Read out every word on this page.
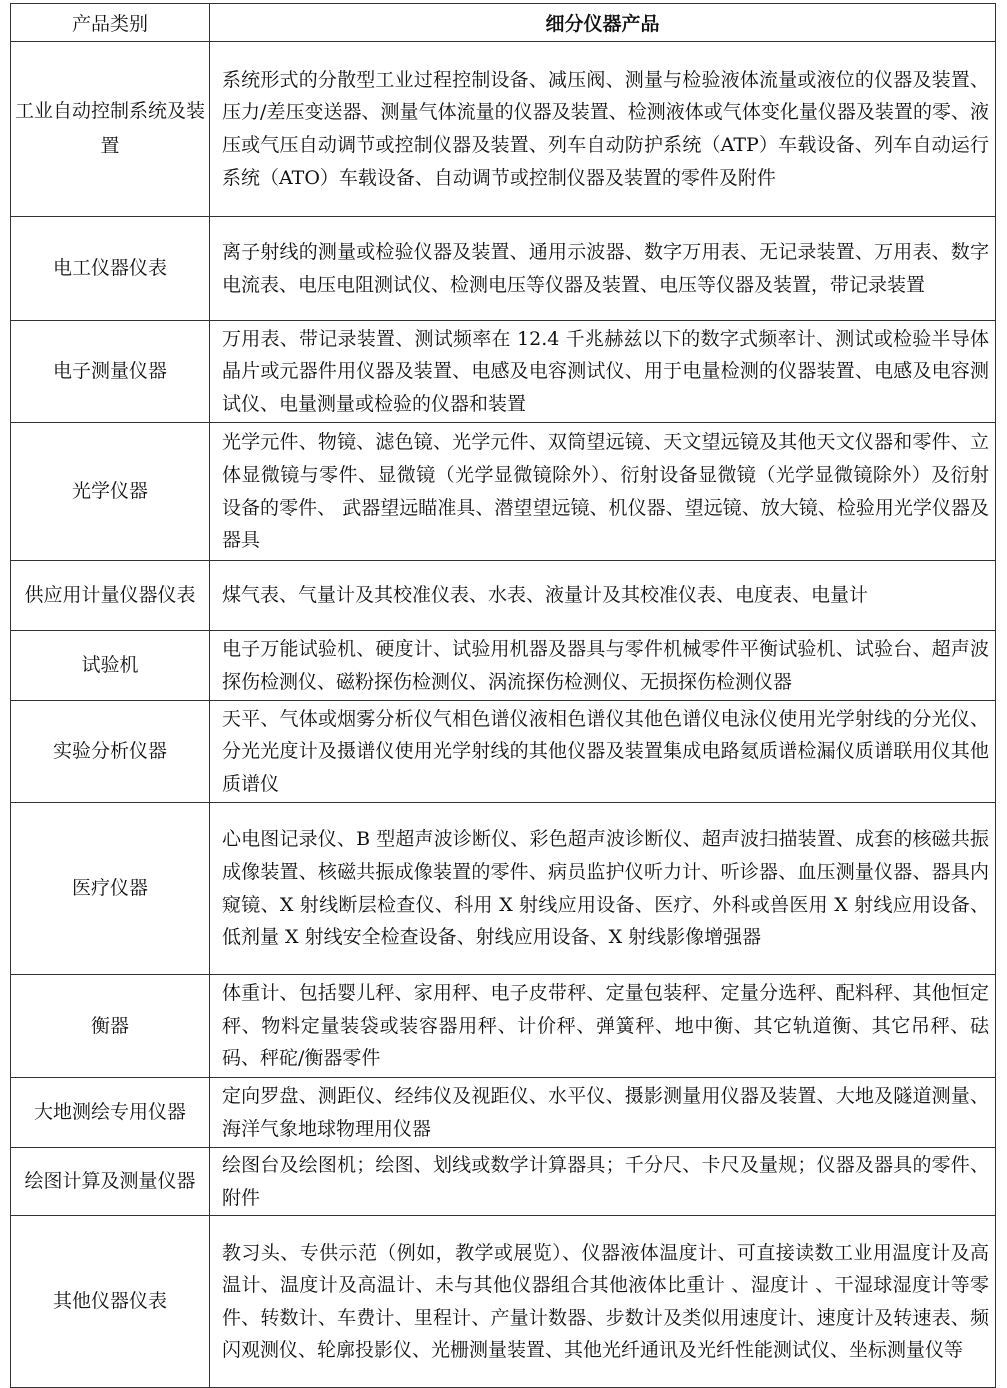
产品类别	细分仪器产品
工业自动控制系统及装置	系统形式的分散型工业过程控制设备、减压阀、测量与检验液体流量或液位的仪器及装置、压力/差压变送器、测量气体流量的仪器及装置、检测液体或气体变化量仪器及装置的零、液压或气压自动调节或控制仪器及装置、列车自动防护系统（ATP）车载设备、列车自动运行系统（ATO）车载设备、自动调节或控制仪器及装置的零件及附件
电工仪器仪表	离子射线的测量或检验仪器及装置、通用示波器、数字万用表、无记录装置、万用表、数字电流表、电压电阻测试仪、检测电压等仪器及装置、电压等仪器及装置，带记录装置
电子测量仪器	万用表、带记录装置、测试频率在 12.4 千兆赫兹以下的数字式频率计、测试或检验半导体晶片或元器件用仪器及装置、电感及电容测试仪、用于电量检测的仪器装置、电感及电容测试仪、电量测量或检验的仪器和装置
光学仪器	光学元件、物镜、滤色镜、光学元件、双筒望远镜、天文望远镜及其他天文仪器和零件、立体显微镜与零件、显微镜（光学显微镜除外）、衍射设备显微镜（光学显微镜除外）及衍射设备的零件、 武器望远瞄准具、潜望望远镜、机仪器、望远镜、放大镜、检验用光学仪器及器具
供应用计量仪器仪表	煤气表、气量计及其校准仪表、水表、液量计及其校准仪表、电度表、电量计
试验机	电子万能试验机、硬度计、试验用机器及器具与零件机械零件平衡试验机、试验台、超声波探伤检测仪、磁粉探伤检测仪、涡流探伤检测仪、无损探伤检测仪器
实验分析仪器	天平、气体或烟雾分析仪气相色谱仪液相色谱仪其他色谱仪电泳仪使用光学射线的分光仪、分光光度计及摄谱仪使用光学射线的其他仪器及装置集成电路氦质谱检漏仪质谱联用仪其他质谱仪
医疗仪器	心电图记录仪、B 型超声波诊断仪、彩色超声波诊断仪、超声波扫描装置、成套的核磁共振成像装置、核磁共振成像装置的零件、病员监护仪听力计、听诊器、血压测量仪器、器具内窥镜、X 射线断层检查仪、科用 X 射线应用设备、医疗、外科或兽医用 X 射线应用设备、低剂量 X 射线安全检查设备、射线应用设备、X 射线影像增强器
衡器	体重计、包括婴儿秤、家用秤、电子皮带秤、定量包装秤、定量分选秤、配料秤、其他恒定秤、物料定量装袋或装容器用秤、计价秤、弹簧秤、地中衡、其它轨道衡、其它吊秤、砝码、秤砣/衡器零件
大地测绘专用仪器	定向罗盘、测距仪、经纬仪及视距仪、水平仪、摄影测量用仪器及装置、大地及隧道测量、海洋气象地球物理用仪器
绘图计算及测量仪器	绘图台及绘图机；绘图、划线或数学计算器具；千分尺、卡尺及量规；仪器及器具的零件、附件
其他仪器仪表	教习头、专供示范（例如，教学或展览）、仪器液体温度计、可直接读数工业用温度计及高温计、温度计及高温计、未与其他仪器组合其他液体比重计 、湿度计 、干湿球湿度计等零件、转数计、车费计、里程计、产量计数器、步数计及类似用速度计、速度计及转速表、频闪观测仪、轮廓投影仪、光栅测量装置、其他光纤通讯及光纤性能测试仪、坐标测量仪等
